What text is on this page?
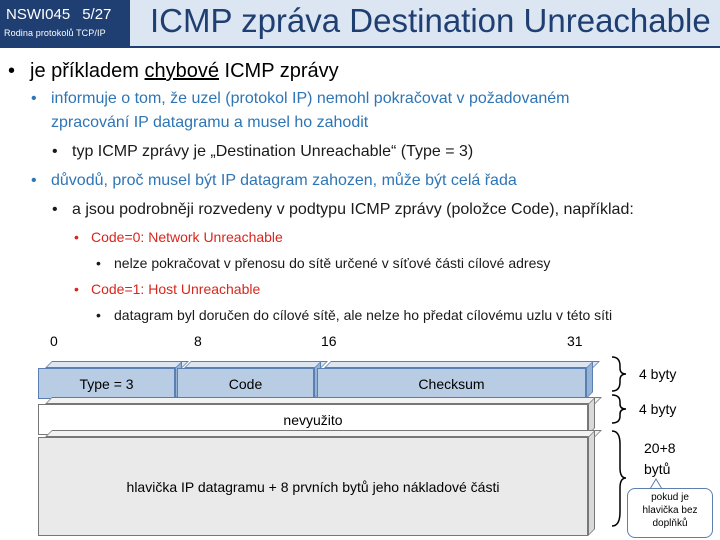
NSWI045 5/27
Rodina protokolů TCP/IP ICMP zpráva Destination Unreachable
• je příkladem chybové ICMP zprávy
• informuje o tom, že uzel (protokol IP) nemohl pokračovat v požadovaném
zpracování IP datagramu a musel ho zahodit
• typ ICMP zprávy je „Destination Unreachable“ (Type = 3)
• důvodů, proč musel být IP datagram zahozen, může být celá řada
• a jsou podrobněji rozvedeny v podtypu ICMP zprávy (položce Code), například:
• Code=0: Network Unreachable
• nelze pokračovat v přenosu do sítě určené v síťové části cílové adresy
• Code=1: Host Unreachable
• datagram byl doručen do cílové sítě, ale nelze ho předat cílovému uzlu v této síti
0	8	16	31
Type = 3	Code	Checksum
nevyužito
hlavička IP datagramu + 8 prvních bytů jeho nákladové části
4 byty
4 byty
20+8
bytů
pokud je
hlavička bez
doplňků
